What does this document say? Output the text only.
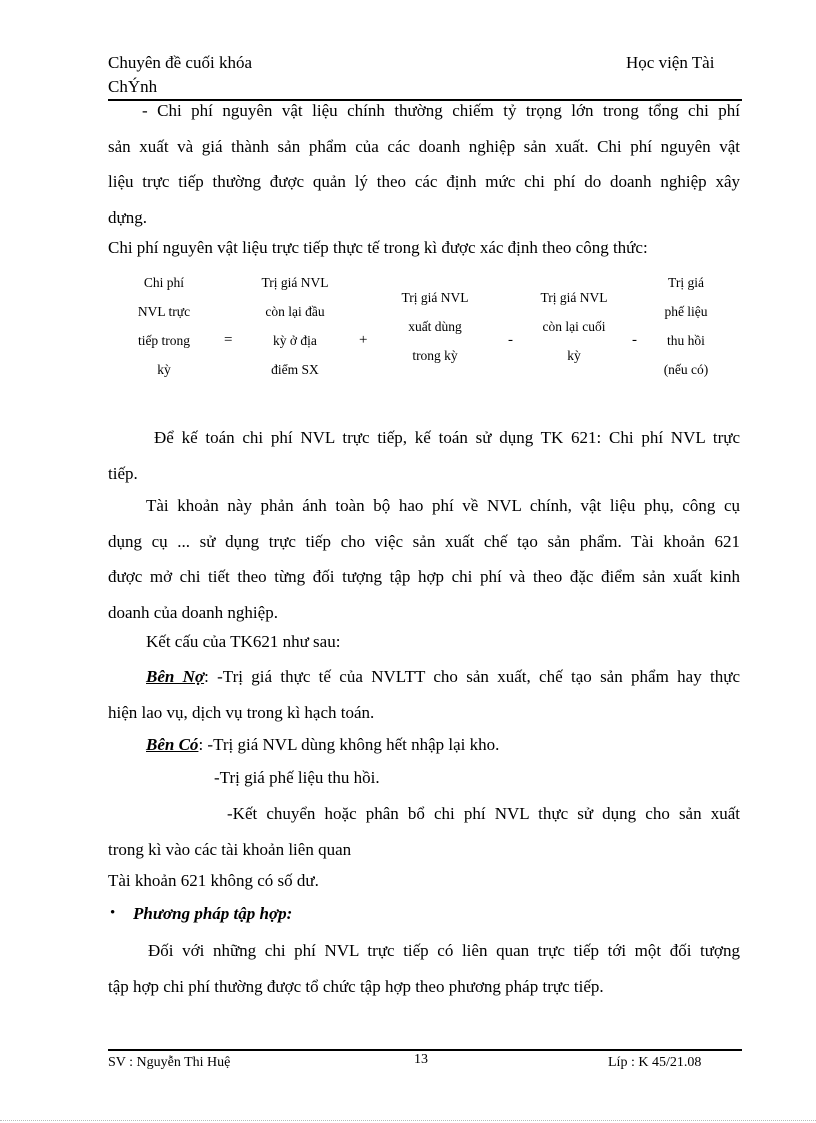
Chuyên đề cuối khóa
ChÝnh
Học viện Tài
- Chi phí nguyên vật liệu chính thường chiếm tỷ trọng lớn trong tổng chi phí
sản xuất và giá thành sản phẩm của các doanh nghiệp sản xuất. Chi phí nguyên vật
liệu trực tiếp thường được quản lý theo các định mức chi phí do doanh nghiệp xây
dựng.
Chi phí nguyên vật liệu trực tiếp thực tế trong kì được xác định theo công thức:
Chi phí
NVL trực
tiếp trong
kỳ
=
Trị giá NVL
còn lại đầu
kỳ ở địa
điểm SX
+
Trị giá NVL
xuất dùng
trong kỳ
-
Trị giá NVL
còn lại cuối
kỳ
-
Trị giá
phế liệu
thu hồi
(nếu có)
Để kế toán chi phí NVL trực tiếp, kế toán sử dụng TK 621: Chi phí NVL trực
tiếp.
Tài khoản này phản ánh toàn bộ hao phí về NVL chính, vật liệu phụ, công cụ
dụng cụ ... sử dụng trực tiếp cho việc sản xuất chế tạo sản phẩm. Tài khoản 621
được mở chi tiết theo từng đối tượng tập hợp chi phí và theo đặc điểm sản xuất kinh
doanh của doanh nghiệp.
Kết cấu của TK621 như sau:
Bên Nợ: -Trị giá thực tế của NVLTT cho sản xuất, chế tạo sản phẩm hay thực
hiện lao vụ, dịch vụ trong kì hạch toán.
Bên Có: -Trị giá NVL dùng không hết nhập lại kho.
-Trị giá phế liệu thu hồi.
-Kết chuyển hoặc phân bổ chi phí NVL thực sử dụng cho sản xuất
trong kì vào các tài khoản liên quan
Tài khoản 621 không có số dư.
• Phương pháp tập hợp:
Đối với những chi phí NVL trực tiếp có liên quan trực tiếp tới một đối tượng
tập hợp chi phí thường được tổ chức tập hợp theo phương pháp trực tiếp.
SV : Nguyễn Thi Huệ	13	Líp : K 45/21.08
